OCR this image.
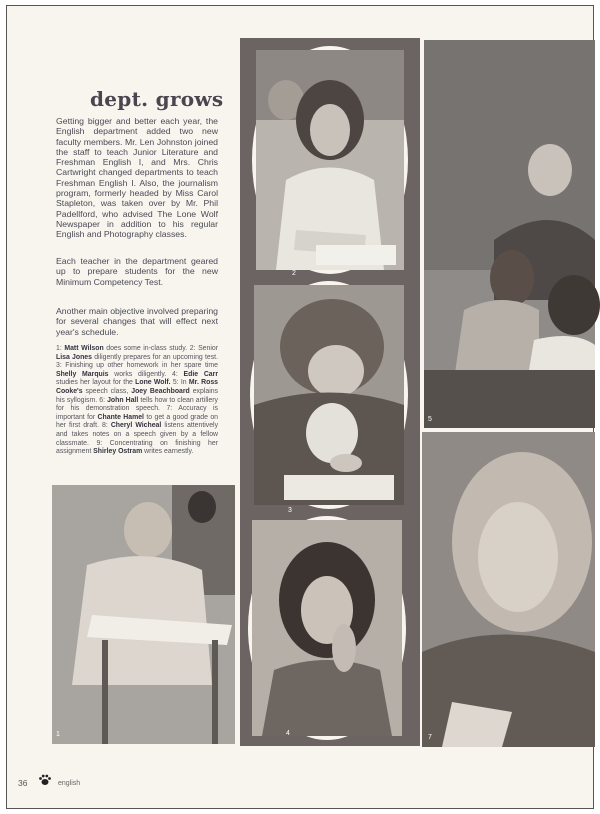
2
3
4
5
7
1
dept. grows

Getting bigger and better each year, the English department added two new faculty members. Mr. Len Johnston joined the staff to teach Junior Literature and Freshman English I, and Mrs. Chris Cartwright changed departments to teach Freshman English I. Also, the journalism program, formerly headed by Miss Carol Stapleton, was taken over by Mr. Phil Padellford, who advised The Lone Wolf Newspaper in addition to his regular English and Photography classes.

Each teacher in the department geared up to prepare students for the new Minimum Competency Test.

Another main objective involved preparing for several changes that will effect next year's schedule.

1: Matt Wilson does some in-class study. 2: Senior Lisa Jones diligently prepares for an upcoming test. 3: Finishing up other homework in her spare time Shelly Marquis works diligently. 4: Edie Carr studies her layout for the Lone Wolf. 5: In Mr. Ross Cooke's speech class, Joey Beachboard explains his syllogism. 6: John Hall tells how to clean artillery for his demonstration speech. 7: Accuracy is important for Chante Hamel to get a good grade on her first draft. 8: Cheryl Wicheal listens attentively and takes notes on a speech given by a fellow classmate. 9: Concentrating on finishing her assignment Shirley Ostram writes earnestly.

36	english
